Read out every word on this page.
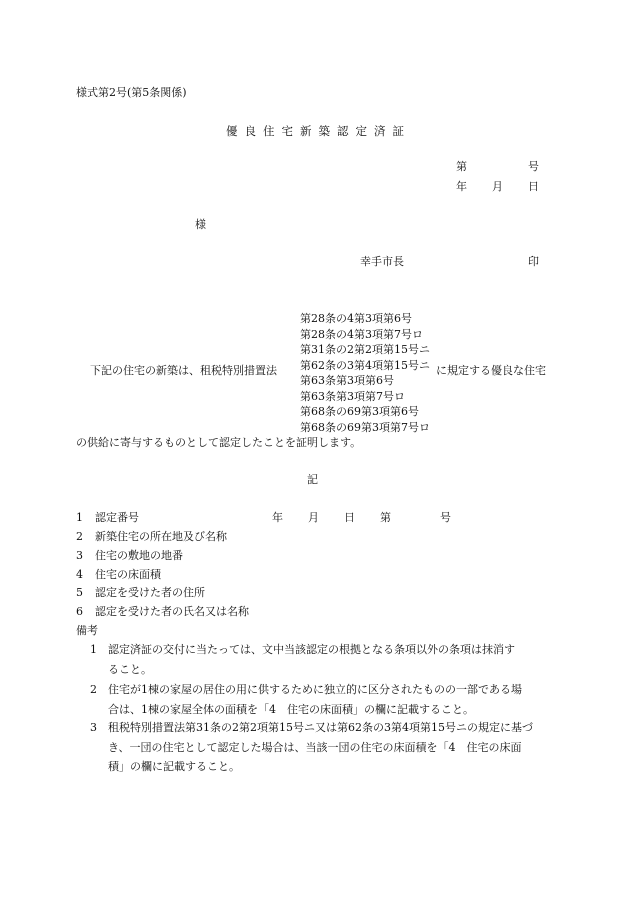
様式第2号(第5条関係)
優良住宅新築認定済証
第	号
年 月 日
様
幸手市長	印
下記の住宅の新築は、租税特別措置法
第28条の4第3項第6号
第28条の4第3項第7号ロ
第31条の2第2項第15号ニ
第62条の3第4項第15号ニ
第63条第3項第6号
第63条第3項第7号ロ
第68条の69第3項第6号
第68条の69第3項第7号ロ
に規定する優良な住宅
の供給に寄与するものとして認定したことを証明します。
記
1 認定番号	年 月 日 第	号
2 新築住宅の所在地及び名称
3 住宅の敷地の地番
4 住宅の床面積
5 認定を受けた者の住所
6 認定を受けた者の氏名又は名称
備考
1 認定済証の交付に当たっては、文中当該認定の根拠となる条項以外の条項は抹消す
ること。
2 住宅が1棟の家屋の居住の用に供するために独立的に区分されたものの一部である場
合は、1棟の家屋全体の面積を「4　住宅の床面積」の欄に記載すること。
3 租税特別措置法第31条の2第2項第15号ニ又は第62条の3第4項第15号ニの規定に基づ
き、一団の住宅として認定した場合は、当該一団の住宅の床面積を「4　住宅の床面
積」の欄に記載すること。
